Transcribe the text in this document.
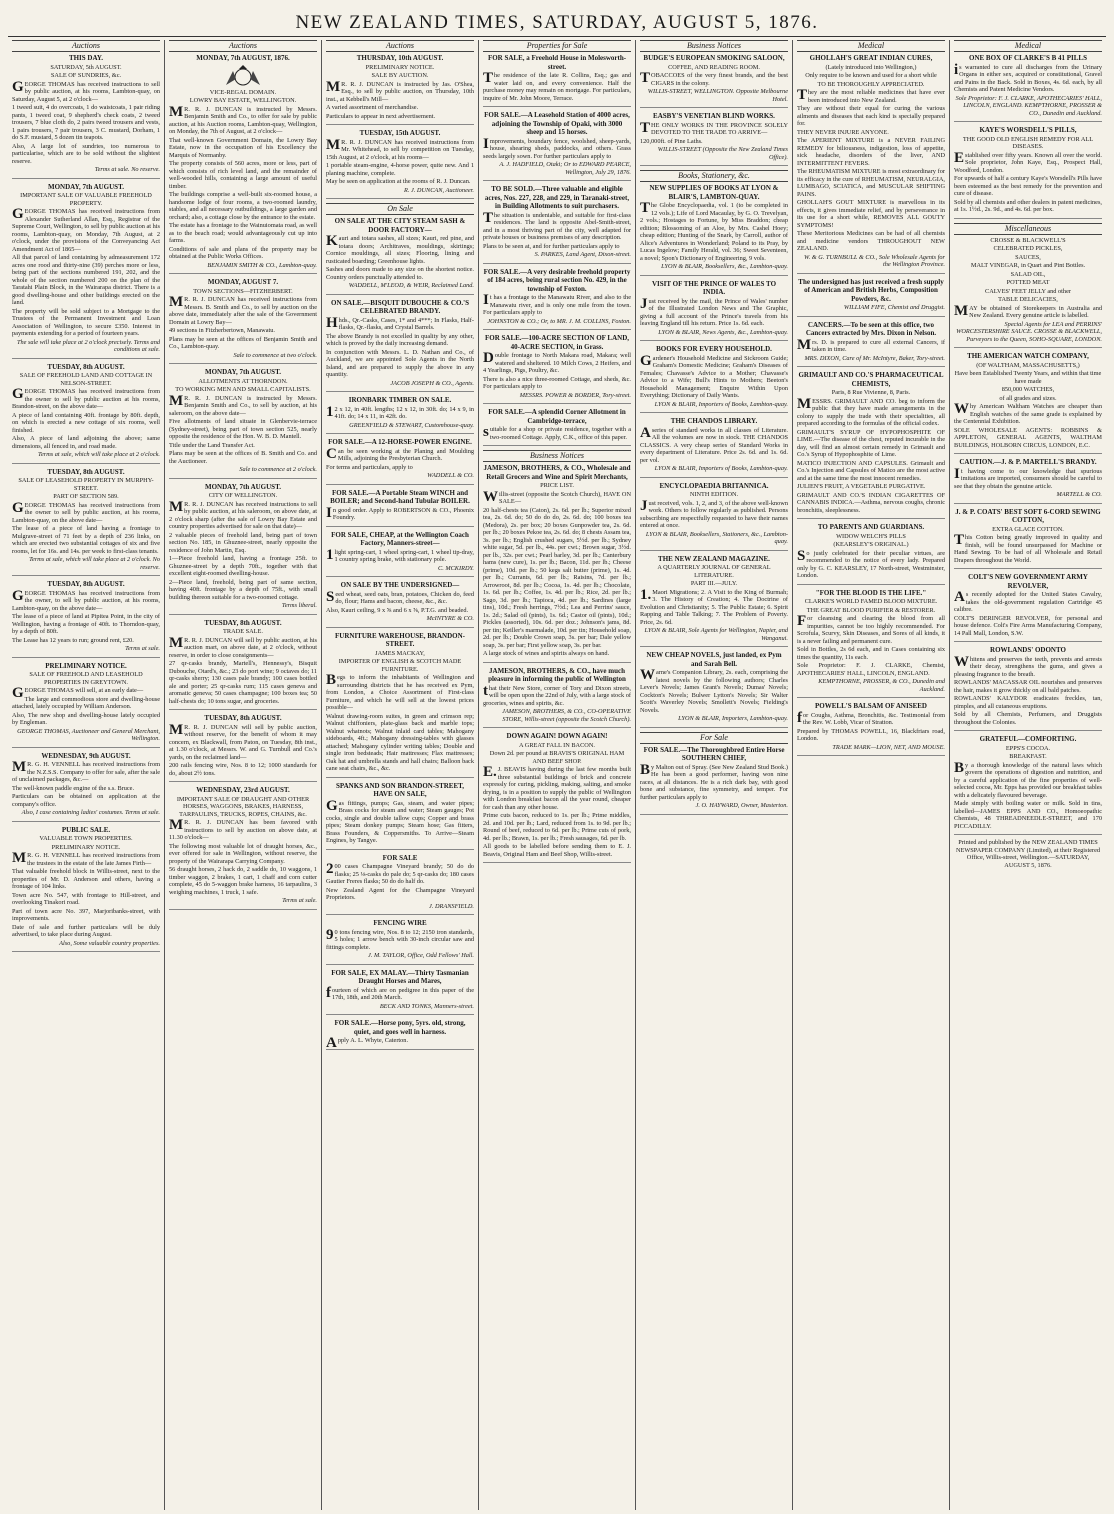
NEW ZEALAND TIMES, SATURDAY, AUGUST 5, 1876.
Auctions
THIS DAY.
SATURDAY, 5th AUGUST.
SALE OF SUNDRIES, &c.

GEORGE THOMAS has received instructions to sell by public auction, at his rooms, Lambton-quay, on Saturday, August 5, at 2 o'clock—

1 tweed suit, 4 do overcoats, 1 do waistcoats, 1 pair riding pants, 1 tweed coat, 9 shepherd's check coats, 2 tweed trousers, 7 blue cloth do, 2 pairs tweed trousers and vests, 1 pairs trousers, 7 pair trousers, 3 C. mustard, Dorham, 1 do S.F. mustard, 5 dozen tin teapots.

Also, A large lot of sundries, too numerous to particularise, which are to be sold without the slightest reserve.

Terms at sale. No reserve.
MONDAY, 7th AUGUST.
IMPORTANT SALE OF VALUABLE FREEHOLD PROPERTY.

GEORGE THOMAS has received instructions from Alexander Sutherland Allan, Esq., Registrar of the Supreme Court, Wellington, to sell by public auction at his rooms, Lambton-quay, on Monday, 7th August, at 2 o'clock, under the provisions of the Conveyancing Act Amendment Act of 1865—

All that parcel of land containing by admeasurement 172 acres one rood and thirty-nine (39) perches more or less, being part of the sections numbered 191, 202, and the whole of the section numbered 200 on the plan of the Taratahi Plain Block, in the Wairarapa district. There is a good dwelling-house and other buildings erected on the land.

The property will be sold subject to a Mortgage to the Trustees of the Permanent Investment and Loan Association of Wellington, to secure £350. Interest in payments extending for a period of fourteen years.

The sale will take place at 2 o'clock precisely. Terms and conditions at sale.
TUESDAY, 8th AUGUST.
SALE OF FREEHOLD LAND AND COTTAGE IN NELSON-STREET.

GEORGE THOMAS has received instructions from the owner to sell by public auction at his rooms, Brandon-street, on the above date—

A piece of land containing 40ft. frontage by 80ft. depth, on which is erected a new cottage of six rooms, well finished.

Also, A piece of land adjoining the above; same dimensions, all fenced in, and road made.

Terms at sale, which will take place at 2 o'clock.
TUESDAY, 8th AUGUST.
SALE OF LEASEHOLD PROPERTY IN MURPHY-STREET.
PART OF SECTION 589.

GEORGE THOMAS has received instructions from the owner to sell by public auction, at his rooms, Lambton-quay, on the above date—

The lease of a piece of land having a frontage to Mulgrave-street of 71 feet by a depth of 236 links, on which are erected two substantial cottages of six and five rooms, let for 16s. and 14s. per week to first-class tenants.

Terms at sale, which will take place at 2 o'clock. No reserve.
TUESDAY, 8th AUGUST.

GEORGE THOMAS has received instructions from the owner, to sell by public auction, at his rooms, Lambton-quay, on the above date—

The lease of a piece of land at Pipitea Point, in the city of Wellington, having a frontage of 40ft. to Thorndon-quay, by a depth of 80ft.

The Lease has 12 years to run; ground rent, £20.

Terms at sale.
PRELIMINARY NOTICE.
SALE OF FREEHOLD AND LEASEHOLD PROPERTIES IN GREYTOWN.

GEORGE THOMAS will sell, at an early date—

The large and commodious store and dwelling-house attached, lately occupied by William Anderson.

Also, The new shop and dwelling-house lately occupied by Engleman.

GEORGE THOMAS, Auctioneer and General Merchant, Wellington.
WEDNESDAY, 9th AUGUST.

MR. G. H. VENNELL has received instructions from the N.Z.S.S. Company to offer for sale, after the sale of unclaimed packages, &c.—

The well-known paddle engine of the s.s. Bruce.

Particulars can be obtained on application at the company's office.

Also, I case containing ladies' costumes. Terms at sale.
PUBLIC SALE.
VALUABLE TOWN PROPERTIES.
PRELIMINARY NOTICE.

MR. G. H. VENNELL has received instructions from the trustees in the estate of the late James Firth—

That valuable freehold block in Willis-street, next to the properties of Mr. D. Anderson and others, having a frontage of 104 links.

Town acre No. 547, with frontage to Hill-street, and overlooking Tinakori road.

Part of town acre No. 397, Marjoribanks-street, with improvements.

Date of sale and further particulars will be duly advertised, to take place during August.

Also, Some valuable country properties.
Auctions
MONDAY, 7th AUGUST, 1876.
VICE-REGAL DOMAIN.
LOWRY BAY ESTATE, WELLINGTON.

MR. R. J. DUNCAN is instructed by Messrs. Benjamin Smith and Co., to offer for sale by public auction, at his Auction rooms, Lambton-quay, Wellington, on Monday, the 7th of August, at 2 o'clock—

That well-known Government Domain, the Lowry Bay Estate, now in the occupation of his Excellency the Marquis of Normanby.

The property consists of 560 acres, more or less, part of which consists of rich level land, and the remainder of well-wooded hills, containing a large amount of useful timber.

The buildings comprise a well-built six-roomed house, a handsome lodge of four rooms, a two-roomed laundry, stables, and all necessary outbuildings, a large garden and orchard; also, a cottage close by the entrance to the estate.

The estate has a frontage to the Wainuiomata road, as well as to the beach road; would advantageously cut up into farms.

Conditions of sale and plans of the property may be obtained at the Public Works Offices.

BENJAMIN SMITH & CO., Lambton-quay.
MONDAY, AUGUST 7.
TOWN SECTIONS—FITZHERBERT.

MR. R. J. DUNCAN has received instructions from Messrs. B. Smith and Co., to sell by auction on the above date, immediately after the sale of the Government Domain at Lowry Bay—

49 sections in Fitzherbertown, Manawatu.

Plans may be seen at the offices of Benjamin Smith and Co., Lambton-quay.

Sale to commence at two o'clock.
MONDAY, 7th AUGUST.
ALLOTMENTS AT THORNDON.
TO WORKING MEN AND SMALL CAPITALISTS.

MR. R. J. DUNCAN is instructed by Messrs. Benjamin Smith and Co., to sell by auction, at his saleroom, on the above date—

Five allotments of land situate in Glenbervie-terrace (Sydney-street), being part of town section 525, nearly opposite the residence of the Hon. W. B. D. Mantell.

Title under the Land Transfer Act.

Plans may be seen at the offices of B. Smith and Co. and the Auctioneer.

Sale to commence at 2 o'clock.
MONDAY, 7th AUGUST.
CITY OF WELLINGTON.

MR. R. J. DUNCAN has received instructions to sell by public auction, at his saleroom, on above date, at 2 o'clock sharp (after the sale of Lowry Bay Estate and country properties advertised for sale on that date)—

2 valuable pieces of freehold land, being part of town section No. 185, in Ghuznee-street, nearly opposite the residence of John Martin, Esq.

1—Piece freehold land, having a frontage 25ft. to Ghuznee-street by a depth 70ft., together with that excellent eight-roomed dwelling-house.

2—Piece land, freehold, being part of same section, having 40ft. frontage by a depth of 75ft., with small building thereon suitable for a two-roomed cottage.

Terms liberal.
TUESDAY, 8th AUGUST.
TRADE SALE.

MR. R. J. DUNCAN will sell by public auction, at his auction mart, on above date, at 2 o'clock, without reserve, in order to close consignments—

27 qr-casks brandy, Martell's, Hennessy's, Bisquit Dubouche, Otard's, &c.; 23 do port wine; 9 octaves do; 11 qr-casks sherry; 130 cases pale brandy; 100 cases bottled ale and porter; 25 qr-casks rum; 115 cases geneva and aromatic geneva; 50 cases champagne; 100 boxes tea; 50 half-chests do; 10 tons sugar, and groceries.

TUESDAY, 8th AUGUST.

MR. R. J. DUNCAN will sell by public auction, without reserve, for the benefit of whom it may concern, ex Blackwall, from Paton, on Tuesday, 8th inst., at 1.30 o'clock, at Messrs. W. and G. Turnbull and Co.'s yards, on the reclaimed land—

200 rails fencing wire, Nos. 8 to 12; 1000 standards for do, about 2½ tons.

WEDNESDAY, 23rd AUGUST.
IMPORTANT SALE OF DRAUGHT AND OTHER HORSES, WAGGONS, BRAKES, HARNESS, TARPAULINS, TRUCKS, ROPES, CHAINS, &c.

MR. R. J. DUNCAN has been favored with instructions to sell by auction on above date, at 11.30 o'clock—

The following most valuable lot of draught horses, &c., ever offered for sale in Wellington, without reserve, the property of the Wairarapa Carrying Company.

56 draught horses, 2 hack do, 2 saddle do, 10 waggons, 1 timber waggon, 2 brakes, 1 cart, 1 chaff and corn cutter complete, 45 do 5-waggon brake harness, 16 tarpaulins, 3 weighing machines, 1 truck, 1 safe.

Terms at sale.
Auctions
THURSDAY, 10th AUGUST.
PRELIMINARY NOTICE.
SALE BY AUCTION.

MR. R. J. DUNCAN is instructed by Jas. O'Shea, Esq., to sell by public auction, on Thursday, 10th inst., at Kebbell's Mill—

A varied assortment of merchandise.

Particulars to appear in next advertisement.

TUESDAY, 15th AUGUST.

MR. R. J. DUNCAN has received instructions from Mr. Whitehead, to sell by competition on Tuesday, 15th August, at 2 o'clock, at his rooms—

1 portable steam-engine, 4-horse power, quite new. And 1 planing machine, complete.

May be seen on application at the rooms of R. J. Duncan.

R. J. DUNCAN, Auctioneer.
On Sale
ON SALE AT THE CITY STEAM SASH & DOOR FACTORY—

Kauri and totara sashes, all sizes; Kauri, red pine, and totara doors; Architraves, mouldings, skirtings; Cornice mouldings, all sizes; Flooring, lining and rusticated boarding; Greenhouse lights.

Sashes and doors made to any size on the shortest notice. Country orders punctually attended to.

WADDELL, M'LEOD, & WEIR, Reclaimed Land.
ON SALE.—BISQUIT DUBOUCHE & CO.'S CELEBRATED BRANDY.

Hhds., Qr.-Casks, Cases, 1* and 4***; In Flasks, Half-flasks, Qr.-flasks, and Crystal Barrels.

The above Brandy is not excelled in quality by any other, which is proved by the daily increasing demand.

In conjunction with Messrs. L. D. Nathan and Co., of Auckland, we are appointed Sole Agents in the North Island, and are prepared to supply the above in any quantity.

JACOB JOSEPH & CO., Agents.
IRONBARK TIMBER ON SALE.

12 x 12, in 40ft. lengths; 12 x 12, in 30ft. do; 14 x 9, in 41ft. do; 14 x 11, in 42ft. do.

GREENFIELD & STEWART, Customhouse-quay.
FOR SALE.—A 12-HORSE-POWER ENGINE.

Can be seen working at the Planing and Moulding Mills, adjoining the Presbyterian Church.

For terms and particulars, apply to

WADDELL & CO.
FOR SALE.—A Portable Steam WINCH and BOILER; and Second-hand Tubular BOILER.

In good order. Apply to ROBERTSON & CO., Phoenix Foundry.

FOR SALE, CHEAP, at the Wellington Coach Factory, Manners-street—

1light spring-cart, 1 wheel spring-cart, 1 wheel tip-dray, 1 country spring brake, with stationary pole.

C. MCKIRDY.
ON SALE BY THE UNDERSIGNED—

Seed wheat, seed oats, bran, potatoes, Chicken do, feed do, flour; Hams and bacon, cheese, &c., &c.

Also, Kauri ceiling, 9 x ⅝ and 6 x ⅝, P.T.G. and beaded.

McINTYRE & CO.
FURNITURE WAREHOUSE, BRANDON-STREET.
JAMES MACKAY,
IMPORTER OF ENGLISH & SCOTCH MADE FURNITURE.

Begs to inform the inhabitants of Wellington and surrounding districts that he has received ex Pym, from London, a Choice Assortment of First-class Furniture, and which he will sell at the lowest prices possible—

Walnut drawing-room suites, in green and crimson rep; Walnut chiffoniers, plate-glass back and marble tops; Walnut whatnots; Walnut inlaid card tables; Mahogany sideboards, 4ft.; Mahogany dressing-tables with glasses attached; Mahogany cylinder writing tables; Double and single iron bedsteads; Hair mattresses; Flax mattresses; Oak hat and umbrella stands and hall chairs; Balloon back cane seat chairs, &c., &c.

SPANKS AND SON BRANDON-STREET, HAVE ON SALE,

Gas fittings, pumps; Gas, steam, and water pipes; Brass cocks for steam and water; Steam gauges; Pot cocks, single and double tallow cups; Copper and brass pipes; Steam donkey pumps; Steam hose; Gas fitters, Brass Founders, & Coppersmiths. To Arrive—Steam Engines, by Tangye.

FOR SALE

200 cases Champagne Vineyard brandy; 50 do do flasks; 25 ⅛-casks do pale do; 5 qr-casks do; 180 cases Gautier Freres flasks; 50 do do half do.

New Zealand Agent for the Champagne Vineyard Proprietors.

J. DRANSFIELD.
FENCING WIRE

90 tons fencing wire, Nos. 8 to 12; 2150 iron standards, 5 holes; 1 arrow bench with 30-inch circular saw and fittings complete.

J. M. TAYLOR, Office, Odd Fellows' Hall.
FOR SALE, EX MALAY.—Thirty Tasmanian Draught Horses and Mares,

fourteen of which are on pedigree in this paper of the 17th, 18th, and 20th March.

BECK AND TONKS, Manners-street.
FOR SALE.—Horse pony, 5yrs. old, strong, quiet, and goes well in harness.

Apply A. L. Whyte, Caterton.

Properties for Sale
FOR SALE, a Freehold House in Molesworth-street.

The residence of the late R. Collins, Esq.; gas and water laid on, and every convenience. Half the purchase money may remain on mortgage. For particulars, inquire of Mr. John Moore, Terrace.

FOR SALE.—A Leasehold Station of 4000 acres, adjoining the Township of Opaki, with 3000 sheep and 15 horses.

Improvements, boundary fence, woolshed, sheep-yards, house, shearing sheds, paddocks, and others. Grass seeds largely sown. For further particulars apply to

A. J. HADFIELD, Otaki; Or to EDWARD PEARCE, Wellington, July 29, 1876.
TO BE SOLD.—Three valuable and eligible acres, Nos. 227, 228, and 229, in Taranaki-street, in Building Allotments to suit purchasers.

The situation is undeniable, and suitable for first-class residences. The land is opposite Abel-Smith-street, and in a most thriving part of the city, well adapted for private houses or business premises of any description.

Plans to be seen at, and for further particulars apply to

S. PARKES, Land Agent, Dixon-street.
FOR SALE.—A very desirable freehold property of 184 acres, being rural section No. 429, in the township of Foxton.

It has a frontage to the Manawatu River, and also to the Manawatu river, and is only one mile from the town. For particulars apply to

JOHNSTON & CO.; Or, to MR. J. M. COLLINS, Foxton.
FOR SALE.—100-ACRE SECTION OF LAND, 40-ACRE SECTION, in Grass.

Double frontage to North Makara road, Makara; well watered and sheltered. 10 Milch Cows, 2 Heifers, and 4 Yearlings, Pigs, Poultry, &c.

There is also a nice three-roomed Cottage, and sheds, &c. For particulars apply to

MESSRS. POWER & BORDER, Tory-street.
FOR SALE.—A splendid Corner Allotment in Cambridge-terrace,

suitable for a shop or private residence, together with a two-roomed Cottage. Apply, C.K., office of this paper.

Business Notices
JAMESON, BROTHERS, & CO., Wholesale and Retail Grocers and Wine and Spirit Merchants,
PRICE LIST.

Willis-street (opposite the Scotch Church), HAVE ON SALE—

20 half-chests tea (Caton), 2s. 6d. per lb.; Superior mixed tea, 2s. 6d. do; 50 do do do, 2s. 6d. do; 100 boxes tea (Medora), 2s. per box; 20 boxes Gunpowder tea, 2s. 6d. per lb.; 20 boxes Pekoe tea, 2s. 6d. do; 8 chests Assam tea, 3s. per lb.; English crushed sugars, 5½d. per lb.; Sydney white sugar, 5d. per lb., 44s. per cwt.; Brown sugar, 3½d. per lb., 32s. per cwt.; Pearl barley, 3d. per lb.; Canterbury hams (new cure), 1s. per lb.; Bacon, 11d. per lb.; Cheese (prime), 10d. per lb.; 50 kegs salt butter (prime), 1s. 4d. per lb.; Currants, 6d. per lb.; Raisins, 7d. per lb.; Arrowroot, 8d. per lb.; Cocoa, 1s. 4d. per lb.; Chocolate, 1s. 6d. per lb.; Coffee, 1s. 4d. per lb.; Rice, 2d. per lb.; Sago, 3d. per lb.; Tapioca, 4d. per lb.; Sardines (large tins), 10d.; Fresh herrings, 7½d.; Lea and Perrins' sauce, 1s. 2d.; Salad oil (pints), 1s. 6d.; Castor oil (pints), 10d.; Pickles (assorted), 10s. 6d. per doz.; Johnson's jams, 8d. per tin; Keiller's marmalade, 10d. per tin; Household soap, 2d. per lb.; Double Crown soap, 3s. per bar; Dale yellow soap, 3s. per bar; First yellow soap, 3s. per bar.

A large stock of wines and spirits always on hand.

JAMESON, BROTHERS, & CO., have much pleasure in informing the public of Wellington

that their New Store, corner of Tory and Dixon streets, will be open upon the 22nd of July, with a large stock of groceries, wines and spirits, &c.

JAMESON, BROTHERS, & CO., CO-OPERATIVE STORE, Willis-street (opposite the Scotch Church).
DOWN AGAIN! DOWN AGAIN!
A GREAT FALL IN BACON.
Down 2d. per pound at BRAVIS'S ORIGINAL HAM AND BEEF SHOP.

E.J. BEAVIS having during the last few months built three substantial buildings of brick and concrete expressly for curing, pickling, making, salting, and smoke drying, is in a position to supply the public of Wellington with London breakfast bacon all the year round, cheaper for cash than any other house.

Prime cuts bacon, reduced to 1s. per lb.; Prime middles, 2d. and 10d. per lb.; Lard, reduced from 1s. to 9d. per lb.; Round of beef, reduced to 6d. per lb.; Prime cuts of pork, 4d. per lb.; Brawn, 1s. per lb.; Fresh sausages, 6d. per lb.

All goods to be labelled before sending them to E. J. Beavis, Original Ham and Beef Shop, Willis-street.

Business Notices
BUDGE'S EUROPEAN SMOKING SALOON,
COFFEE, AND READING ROOM.

TOBACCOES of the very finest brands, and the best CIGARS in the colony.

WILLIS-STREET, WELLINGTON. Opposite Melbourne Hotel.
EASBY'S VENETIAN BLIND WORKS.

THE ONLY WORKS IN THE PROVINCE SOLELY DEVOTED TO THE TRADE TO ARRIVE—

120,000ft. of Pine Laths.

WILLIS-STREET (Opposite the New Zealand Times Office).
Books, Stationery, &c.
NEW SUPPLIES OF BOOKS AT LYON & BLAIR'S, LAMBTON-QUAY.

The Globe Encyclopaedia, vol. 1 (to be completed in 12 vols.); Life of Lord Macaulay, by G. O. Trevelyan, 2 vols.; Hostages to Fortune, by Miss Braddon; cheap edition; Blossoming of an Aloe, by Mrs. Cashel Hoey; cheap edition; Hunting of the Snark, by Carroll, author of Alice's Adventures in Wonderland; Poland to its Pray, by Lucas Ingelow; Family Herald, vol. 36; Sweet Seventeen, a novel; Spon's Dictionary of Engineering, 9 vols.

LYON & BLAIR, Booksellers, &c., Lambton-quay.
VISIT OF THE PRINCE OF WALES TO INDIA.

Just received by the mail, the Prince of Wales' number of the Illustrated London News and The Graphic, giving a full account of the Prince's travels from his leaving England till his return. Price 1s. 6d. each.

LYON & BLAIR, News Agents, &c., Lambton-quay.
BOOKS FOR EVERY HOUSEHOLD.

Gardener's Household Medicine and Sickroom Guide; Graham's Domestic Medicine; Graham's Diseases of Females; Chavasse's Advice to a Mother; Chavasse's Advice to a Wife; Bull's Hints to Mothers; Beeton's Household Management; Enquire Within Upon Everything; Dictionary of Daily Wants.

LYON & BLAIR, Importers of Books, Lambton-quay.
THE CHANDOS LIBRARY.

Aseries of standard works in all classes of Literature. All the volumes are now in stock. THE CHANDOS CLASSICS. A very cheap series of Standard Works in every department of Literature. Price 2s. 6d. and 1s. 6d. per vol.

LYON & BLAIR, Importers of Books, Lambton-quay.
ENCYCLOPAEDIA BRITANNICA.
NINTH EDITION.

Just received, vols. 1, 2, and 3, of the above well-known work. Others to follow regularly as published. Persons subscribing are respectfully requested to have their names entered at once.

LYON & BLAIR, Booksellers, Stationers, &c., Lambton-quay.
THE NEW ZEALAND MAGAZINE.
A QUARTERLY JOURNAL OF GENERAL LITERATURE.
PART III.—JULY.

1.Maori Migrations; 2. A Visit to the King of Burmah; 3. The History of Creation; 4. The Doctrine of Evolution and Christianity; 5. The Public Estate; 6. Spirit Rapping and Table Talking; 7. The Problem of Poverty. Price, 2s. 6d.

LYON & BLAIR, Sole Agents for Wellington, Napier, and Wanganui.
NEW CHEAP NOVELS, just landed, ex Pym and Sarah Bell.

Warne's Companion Library, 2s. each, comprising the latest novels by the following authors; Charles Lever's Novels; James Grant's Novels; Dumas' Novels; Cockton's Novels; Bulwer Lytton's Novels; Sir Walter Scott's Waverley Novels; Smollett's Novels; Fielding's Novels.

LYON & BLAIR, Importers, Lambton-quay.
For Sale
FOR SALE.—The Thoroughbred Entire Horse SOUTHERN CHIEF,

By Malton out of Spray. (See New Zealand Stud Book.) He has been a good performer, having won nine races, at all distances. He is a rich dark bay, with good bone and substance, fine symmetry, and temper. For further particulars apply to

J. O. HAYWARD, Owner, Masterton.
Medical
GHOLLAH'S GREAT INDIAN CURES,
(Lately introduced into Wellington,)
Only require to be known and used for a short while
TO BE THOROUGHLY APPRECIATED.

They are the most reliable medicines that have ever been introduced into New Zealand.

They are without their equal for curing the various ailments and diseases that each kind is specially prepared for.

THEY NEVER INJURE ANYONE.

The APERIENT MIXTURE is a NEVER FAILING REMEDY for biliousness, indigestion, loss of appetite, sick headache, disorders of the liver, AND INTERMITTENT FEVERS.

The RHEUMATISM MIXTURE is most extraordinary for its efficacy in the cure of RHEUMATISM, NEURALGIA, LUMBAGO, SCIATICA, and MUSCULAR SHIFTING PAINS.

GHOLLAH'S GOUT MIXTURE is marvellous in its effects, it gives immediate relief, and by perseverance in its use for a short while, REMOVES ALL GOUTY SYMPTOMS!

These Meritorious Medicines can be had of all chemists and medicine vendors THROUGHOUT NEW ZEALAND.

W. & G. TURNBULL & CO., Sole Wholesale Agents for the Wellington Province.
The undersigned has just received a fresh supply of American and British Herbs, Composition Powders, &c.
WILLIAM FIFE, Chemist and Druggist.
CANCERS.—To be seen at this office, two Cancers extracted by Mrs. Dixon in Nelson.

Mrs. D. is prepared to cure all external Cancers, if taken in time.

MRS. DIXON, Care of Mr. McIntyre, Baker, Tory-street.
GRIMAULT AND CO.'S PHARMACEUTICAL CHEMISTS,
Paris, 8 Rue Vivienne, 8, Paris.

MESSRS. GRIMAULT AND CO. beg to inform the public that they have made arrangements in the colony to supply the trade with their specialities, all prepared according to the formulas of the official codex.

GRIMAULT'S SYRUP OF HYPOPHOSPHITE OF LIME.—The disease of the chest, reputed incurable in the day, will find an almost certain remedy in Grimault and Co.'s Syrup of Hypophosphite of Lime.

MATICO INJECTION AND CAPSULES. Grimault and Co.'s Injection and Capsules of Matico are the most active and at the same time the most innocent remedies.

JULIEN'S FRUIT, A VEGETABLE PURGATIVE.

GRIMAULT AND CO.'S INDIAN CIGARETTES OF CANNABIS INDICA.—Asthma, nervous coughs, chronic bronchitis, sleeplessness.

TO PARENTS AND GUARDIANS.
WIDOW WELCH'S PILLS
(KEARSLEY'S ORIGINAL.)

So justly celebrated for their peculiar virtues, are recommended to the notice of every lady. Prepared only by G. C. KEARSLEY, 17 North-street, Westminster, London.

"FOR THE BLOOD IS THE LIFE."
CLARKE'S WORLD FAMED BLOOD MIXTURE.
THE GREAT BLOOD PURIFIER & RESTORER.

For cleansing and clearing the blood from all impurities, cannot be too highly recommended. For Scrofula, Scurvy, Skin Diseases, and Sores of all kinds, it is a never failing and permanent cure.

Sold in Bottles, 2s 6d each, and in Cases containing six times the quantity, 11s each.

Sole Proprietor: F. J. CLARKE, Chemist, APOTHECARIES' HALL, LINCOLN, ENGLAND.

KEMPTHORNE, PROSSER, & CO., Dunedin and Auckland.
POWELL'S BALSAM OF ANISEED

for Coughs, Asthma, Bronchitis, &c. Testimonial from the Rev. W. Lobb, Vicar of Stratton.

Prepared by THOMAS POWELL, 16, Blackfriars road, London.

TRADE MARK—LION, NET, AND MOUSE.
Medical
ONE BOX OF CLARKE'S B 41 PILLS

is warranted to cure all discharges from the Urinary Organs in either sex, acquired or constitutional, Gravel and Pains in the Back. Sold in Boxes, 4s. 6d. each, by all Chemists and Patent Medicine Vendors.

Sole Proprietor: F. J. CLARKE, APOTHECARIES' HALL, LINCOLN, ENGLAND. KEMPTHORNE, PROSSER & CO., Dunedin and Auckland.
KAYE'S WORSDELL'S PILLS,
THE GOOD OLD ENGLISH REMEDY FOR ALL DISEASES.

Established over fifty years. Known all over the world. Sole proprietor, John Kaye, Esq., Prospect Hall, Woodford, London.

For upwards of half a century Kaye's Worsdell's Pills have been esteemed as the best remedy for the prevention and cure of disease.

Sold by all chemists and other dealers in patent medicines, at 1s. 1½d., 2s. 9d., and 4s. 6d. per box.

Miscellaneous
CROSSE & BLACKWELL'S
CELEBRATED PICKLES,
SAUCES,
MALT VINEGAR, in Quart and Pint Bottles.
SALAD OIL,
POTTED MEAT
CALVES' FEET JELLY and other
TABLE DELICACIES,

MAY be obtained of Storekeepers in Australia and New Zealand. Every genuine article is labelled.

Special Agents for LEA and PERRINS' WORCESTERSHIRE SAUCE. CROSSE & BLACKWELL, Purveyors to the Queen, SOHO-SQUARE, LONDON.
THE AMERICAN WATCH COMPANY,
(OF WALTHAM, MASSACHUSETTS,)
Have been Established Twenty Years, and within that time have made
850,000 WATCHES,
of all grades and sizes.

Why American Waltham Watches are cheaper than English watches of the same grade is explained by the Centennial Exhibition.

SOLE WHOLESALE AGENTS: ROBBINS & APPLETON, GENERAL AGENTS, WALTHAM BUILDINGS, HOLBORN CIRCUS, LONDON, E.C.

CAUTION.—J. & P. MARTELL'S BRANDY.

It having come to our knowledge that spurious imitations are imported, consumers should be careful to see that they obtain the genuine article.

MARTELL & CO.
J. & P. COATS' BEST SOFT 6-CORD SEWING COTTON,
EXTRA GLACE COTTON.

This Cotton being greatly improved in quality and finish, will be found unsurpassed for Machine or Hand Sewing. To be had of all Wholesale and Retail Drapers throughout the World.

COLT'S NEW GOVERNMENT ARMY REVOLVER,

As recently adopted for the United States Cavalry, takes the old-government regulation Cartridge 45 calibre.

COLT'S DERINGER REVOLVER, for personal and house defence. Colt's Fire Arms Manufacturing Company, 14 Pall Mall, London, S.W.

ROWLANDS' ODONTO

Whitens and preserves the teeth, prevents and arrests their decay, strengthens the gums, and gives a pleasing fragrance to the breath.

ROWLANDS' MACASSAR OIL nourishes and preserves the hair, makes it grow thickly on all bald patches.

ROWLANDS' KALYDOR eradicates freckles, tan, pimples, and all cutaneous eruptions.

Sold by all Chemists, Perfumers, and Druggists throughout the Colonies.

GRATEFUL—COMFORTING.
EPPS'S COCOA.
BREAKFAST.

By a thorough knowledge of the natural laws which govern the operations of digestion and nutrition, and by a careful application of the fine properties of well-selected cocoa, Mr. Epps has provided our breakfast tables with a delicately flavoured beverage.

Made simply with boiling water or milk. Sold in tins, labelled—JAMES EPPS AND CO., Homoeopathic Chemists, 48 THREADNEEDLE-STREET, and 170 PICCADILLY.

Printed and published by the NEW ZEALAND TIMES NEWSPAPER COMPANY (Limited), at their Registered Office, Willis-street, Wellington.—SATURDAY, AUGUST 5, 1876.
